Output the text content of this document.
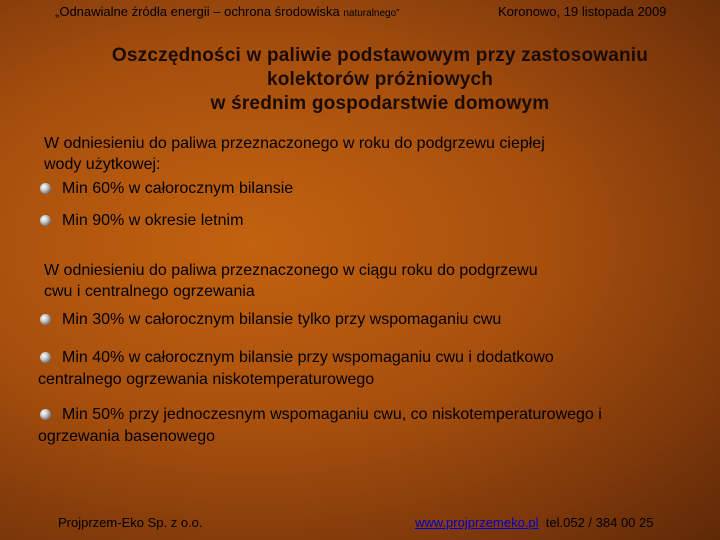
„Odnawialne źródła energii – ochrona środowiska naturalnego”	Koronowo, 19 listopada 2009
Oszczędności w paliwie podstawowym przy zastosowaniu
kolektorów próżniowych
w średnim gospodarstwie domowym
W odniesieniu do paliwa przeznaczonego w roku do podgrzewu ciepłej
wody użytkowej:
Min 60% w całorocznym bilansie
Min 90% w okresie letnim
W odniesieniu do paliwa przeznaczonego w ciągu roku do podgrzewu
cwu i centralnego ogrzewania
Min 30% w całorocznym bilansie tylko przy wspomaganiu cwu
Min 40% w całorocznym bilansie przy wspomaganiu cwu i dodatkowo
centralnego ogrzewania niskotemperaturowego
Min 50% przy jednoczesnym wspomaganiu cwu, co niskotemperaturowego i
ogrzewania basenowego
Projprzem-Eko Sp. z o.o.	www.projprzemeko.pl tel.052 / 384 00 25
